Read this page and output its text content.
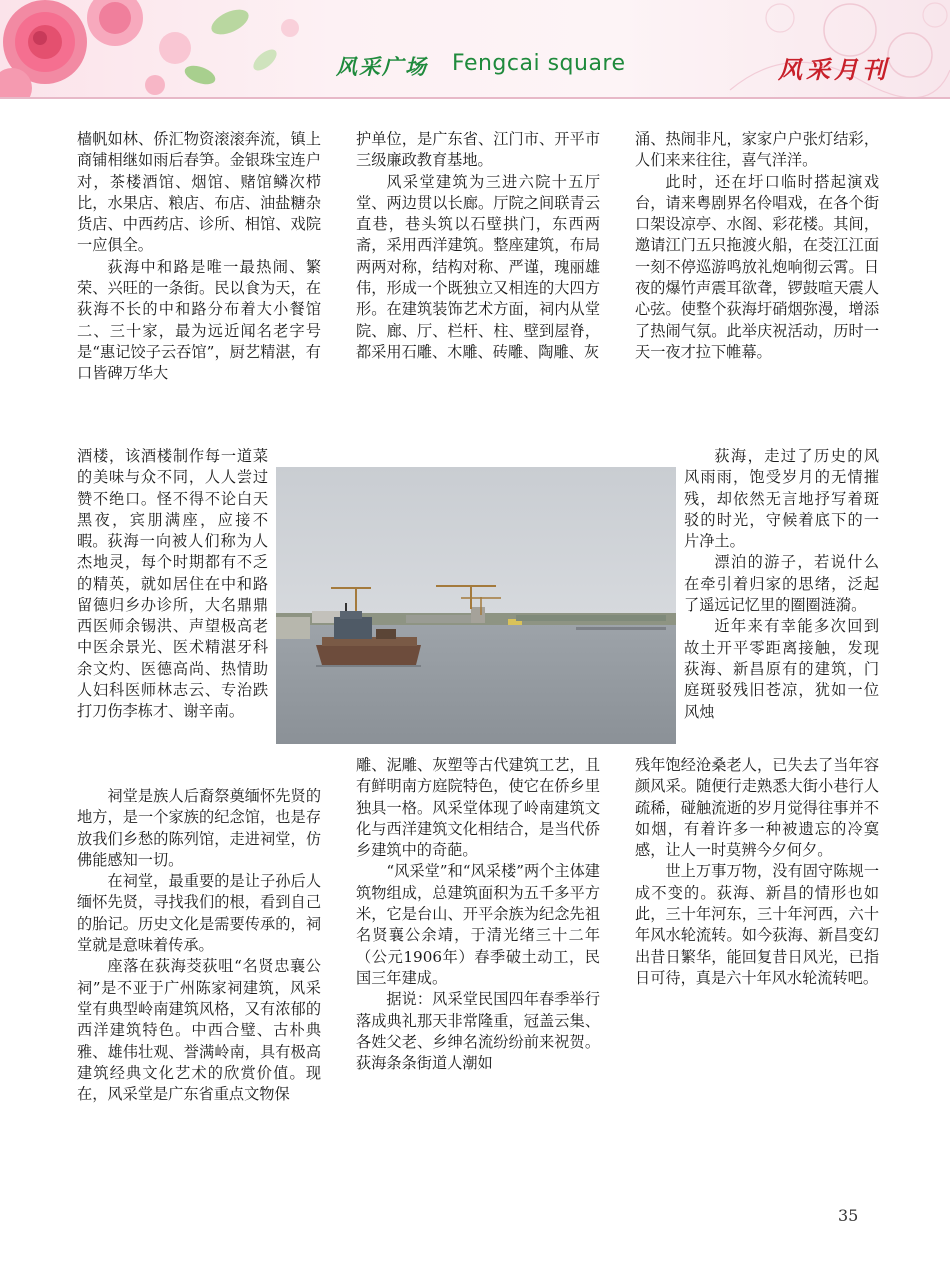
风采广场 Fengcai square	风采月刊

樯帆如林、侨汇物资滚滚奔流，镇上商铺相继如雨后春笋。金银珠宝连户对，茶楼酒馆、烟馆、赌馆鳞次栉比，水果店、粮店、布店、油盐糖杂货店、中西药店、诊所、相馆、戏院一应俱全。

荻海中和路是唯一最热闹、繁荣、兴旺的一条街。民以食为天，在荻海不长的中和路分布着大小餐馆二、三十家，最为远近闻名老字号是“惠记饺子云吞馆”，厨艺精湛，有口皆碑万华大

酒楼，该酒楼制作每一道菜的美味与众不同，人人尝过赞不绝口。怪不得不论白天黑夜，宾朋满座，应接不暇。 荻海一向被人们称为人杰地灵，每个时期都有不乏的精英，就如居住在中和路留德归乡办诊所，大名鼎鼎西医师余锡洪、声望极高老中医余景光、医术精湛牙科余文灼、医德高尚、热情助人妇科医师林志云、专治跌打刀伤李栋才、谢辛南。

祠堂是族人后裔祭奠缅怀先贤的地方，是一个家族的纪念馆，也是存放我们乡愁的陈列馆，走进祠堂，仿佛能感知一切。

在祠堂，最重要的是让子孙后人缅怀先贤，寻找我们的根，看到自己的胎记。历史文化是需要传承的，祠堂就是意味着传承。

座落在荻海茭荻咀“名贤忠襄公祠”是不亚于广州陈家祠建筑，风采堂有典型岭南建筑风格，又有浓郁的西洋建筑特色。中西合璧、古朴典雅、雄伟壮观、誉满岭南，具有极高建筑经典文化艺术的欣赏价值。现在，风采堂是广东省重点文物保

护单位，是广东省、江门市、开平市三级廉政教育基地。

风采堂建筑为三进六院十五厅堂、两边贯以长廊。厅院之间联青云直巷，巷头筑以石壁拱门，东西两斋，采用西洋建筑。整座建筑，布局两两对称，结构对称、严谨，瑰丽雄伟，形成一个既独立又相连的大四方形。在建筑装饰艺术方面，祠内从堂院、廊、厅、栏杆、柱、壁到屋脊，都采用石雕、木雕、砖雕、陶雕、灰

雕、泥雕、灰塑等古代建筑工艺，且有鲜明南方庭院特色，使它在侨乡里独具一格。风采堂体现了岭南建筑文化与西洋建筑文化相结合，是当代侨乡建筑中的奇葩。

“风采堂”和“风采楼”两个主体建筑物组成，总建筑面积为五千多平方米，它是台山、开平余族为纪念先祖名贤襄公余靖，于清光绪三十二年（公元1906年）春季破土动工，民国三年建成。

据说：风采堂民国四年春季举行落成典礼那天非常隆重，冠盖云集、各姓父老、乡绅名流纷纷前来祝贺。荻海条条街道人潮如

涌、热闹非凡，家家户户张灯结彩，人们来来往往，喜气洋洋。

此时，还在圩口临时搭起演戏台，请来粤剧界名伶唱戏，在各个街口架设凉亭、水阁、彩花楼。其间，邀请江门五只拖渡火船，在茭江江面一刻不停巡游鸣放礼炮响彻云霄。日夜的爆竹声震耳欲聋，锣鼓喧天震人心弦。使整个荻海圩硝烟弥漫，增添了热闹气氛。此举庆祝活动，历时一天一夜才拉下帷幕。

荻海，走过了历史的风风雨雨，饱受岁月的无情摧残，却依然无言地抒写着斑驳的时光，守候着底下的一片净土。

漂泊的游子，若说什么在牵引着归家的思绪，泛起了遥远记忆里的圈圈涟漪。

近年来有幸能多次回到故土开平零距离接触，发现荻海、新昌原有的建筑，门庭斑驳残旧苍凉，犹如一位风烛

残年饱经沧桑老人，已失去了当年容颜风采。随便行走熟悉大街小巷行人疏稀，碰触流逝的岁月觉得往事并不如烟，有着许多一种被遗忘的冷寞感，让人一时莫辨今夕何夕。

世上万事万物，没有固守陈规一成不变的。荻海、新昌的情形也如此，三十年河东，三十年河西，六十年风水轮流转。如今荻海、新昌变幻出昔日繁华，能回复昔日风光，已指日可待，真是六十年风水轮流转吧。

35
